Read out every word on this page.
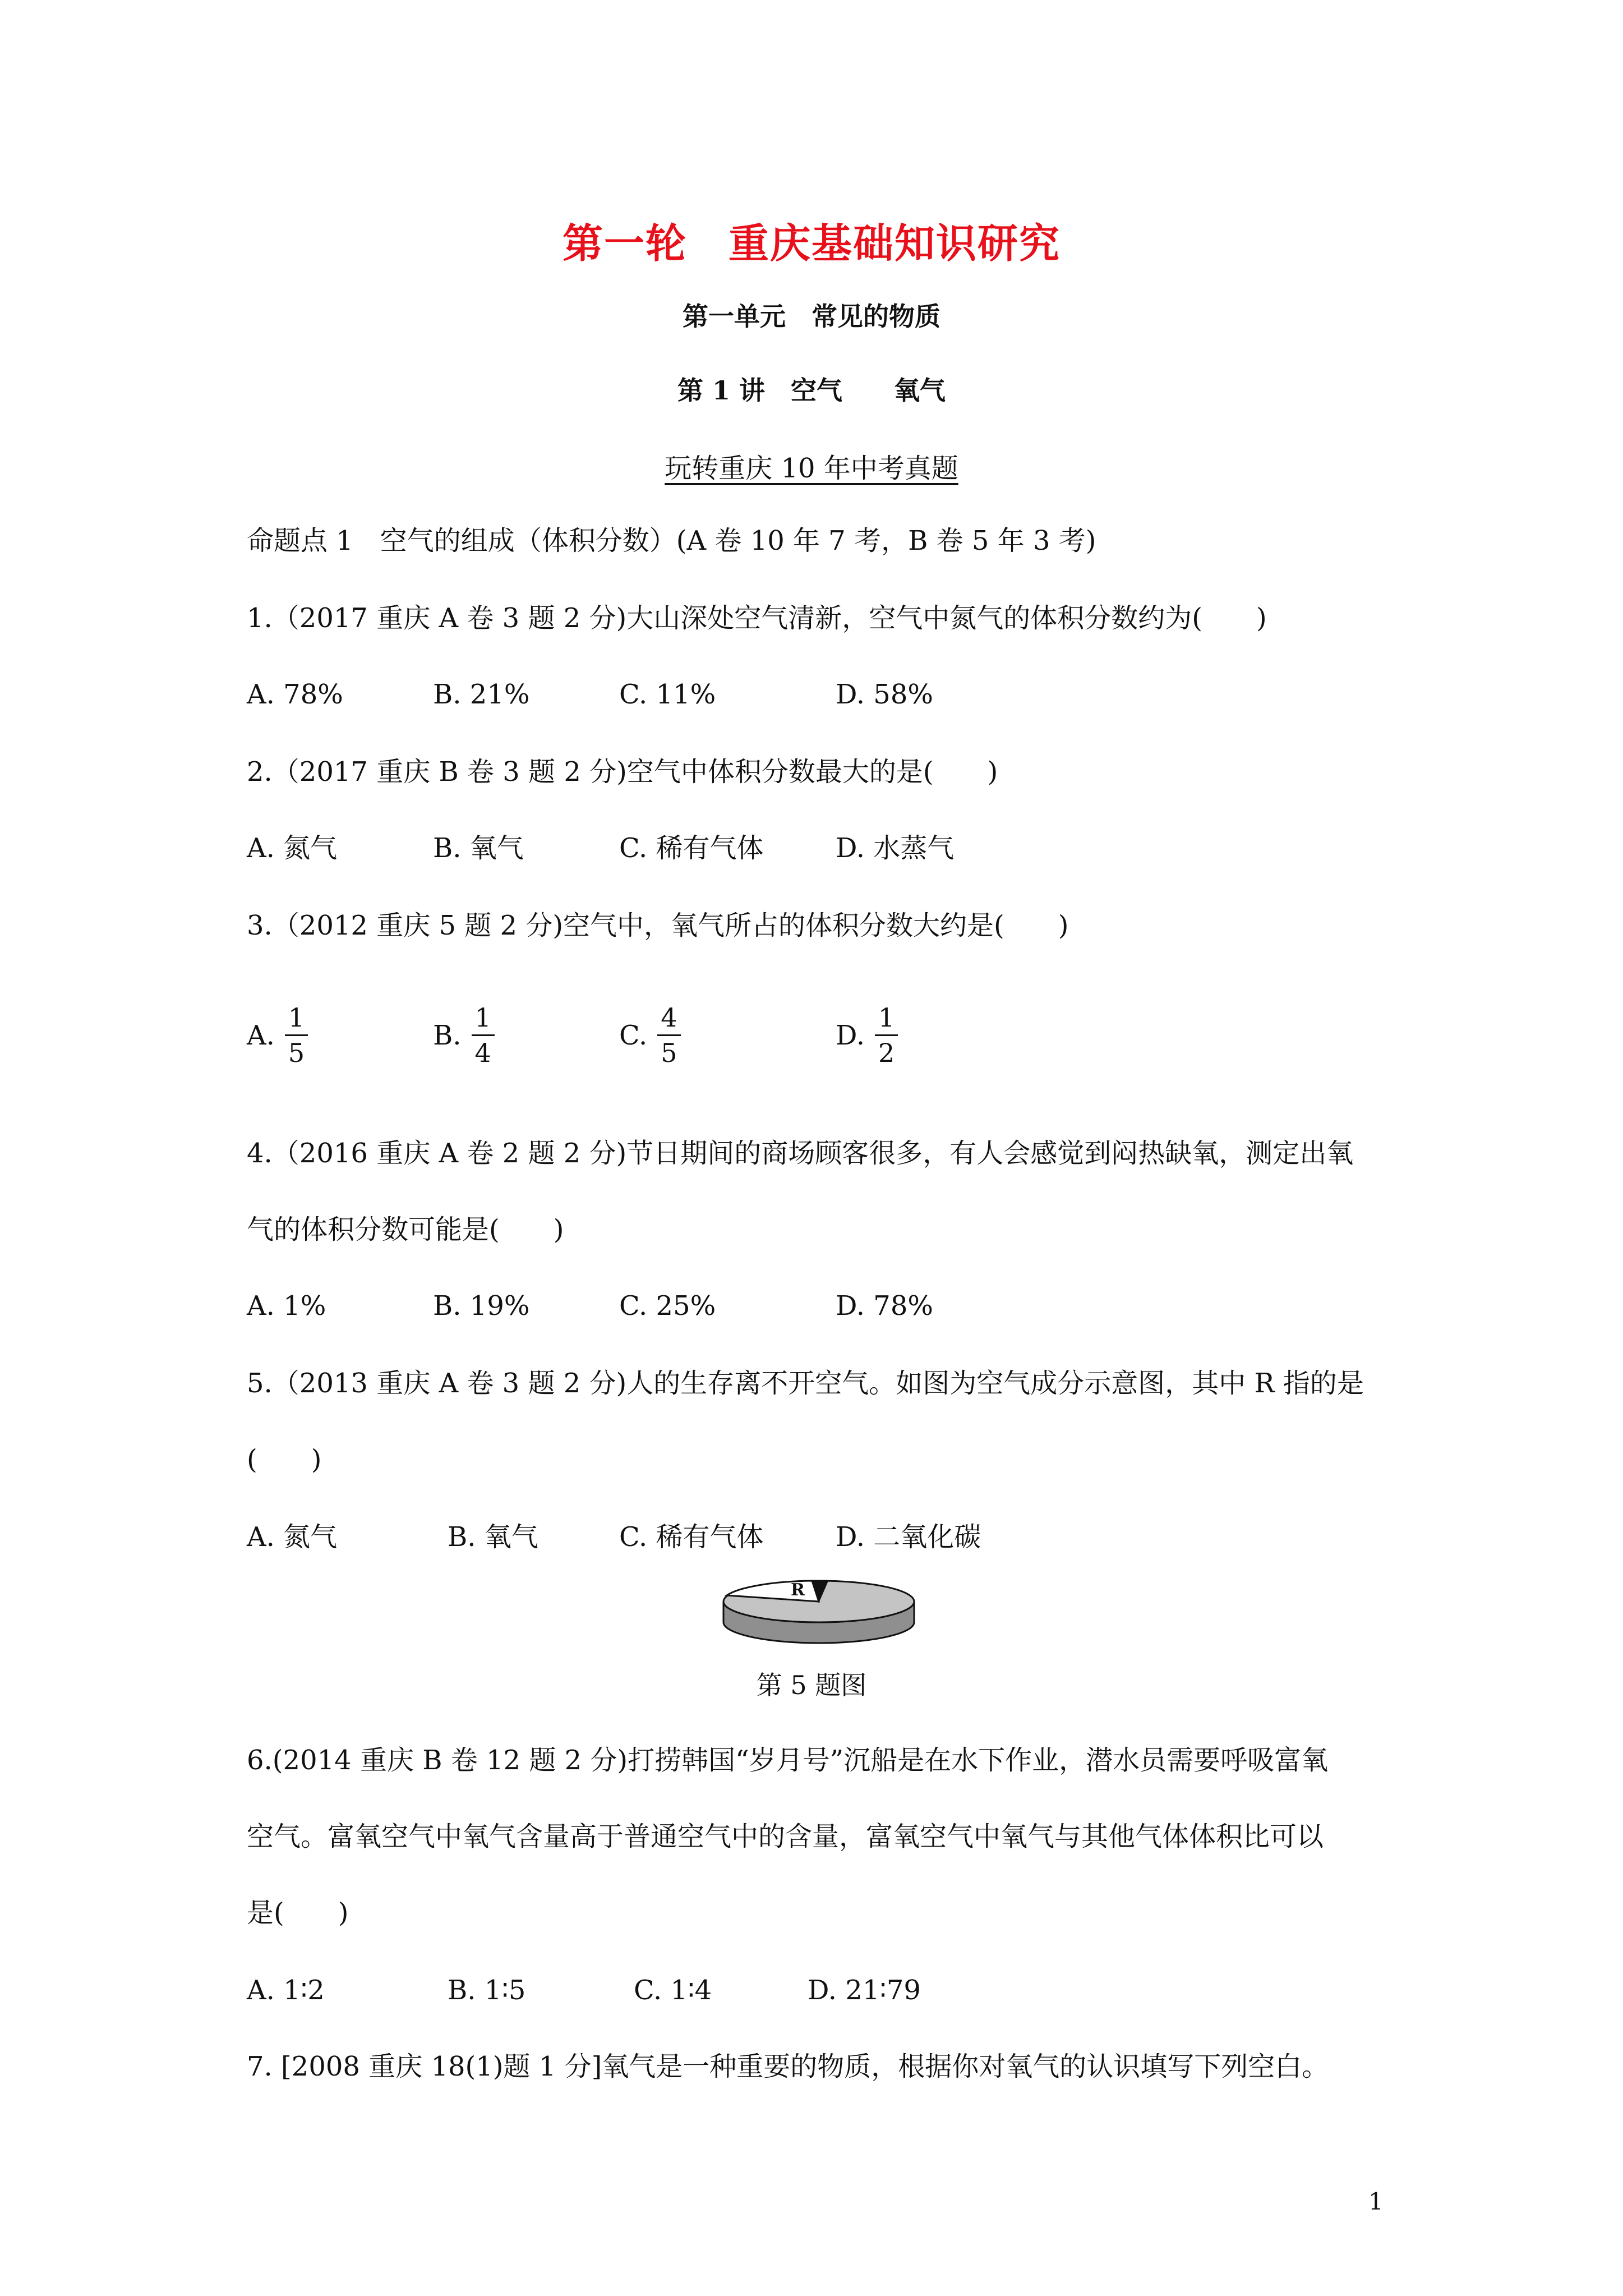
第一轮　重庆基础知识研究
第一单元　常见的物质
第 1 讲　空气　　氧气
玩转重庆 10 年中考真题
命题点 1　空气的组成（体积分数）(A 卷 10 年 7 考，B 卷 5 年 3 考)
1.（2017 重庆 A 卷 3 题 2 分)大山深处空气清新，空气中氮气的体积分数约为(　　)
A. 78%	B. 21%	C. 11%	D. 58%
2.（2017 重庆 B 卷 3 题 2 分)空气中体积分数最大的是(　　)
A. 氮气	B. 氧气	C. 稀有气体	D. 水蒸气
3.（2012 重庆 5 题 2 分)空气中，氧气所占的体积分数大约是(　　)
A. $\frac{1}{5}$	B. $\frac{1}{4}$	C. $\frac{4}{5}$	D. $\frac{1}{2}$
4.（2016 重庆 A 卷 2 题 2 分)节日期间的商场顾客很多，有人会感觉到闷热缺氧，测定出氧
气的体积分数可能是(　　)
A. 1%	B. 19%	C. 25%	D. 78%
5.（2013 重庆 A 卷 3 题 2 分)人的生存离不开空气。如图为空气成分示意图，其中 R 指的是
(　　)
A. 氮气	B. 氧气	C. 稀有气体	D. 二氧化碳
R
第 5 题图
6.(2014 重庆 B 卷 12 题 2 分)打捞韩国“岁月号”沉船是在水下作业，潜水员需要呼吸富氧
空气。富氧空气中氧气含量高于普通空气中的含量，富氧空气中氧气与其他气体体积比可以
是(　　)
A. 1∶2	B. 1∶5	C. 1∶4	D. 21∶79
7. [2008 重庆 18(1)题 1 分]氧气是一种重要的物质，根据你对氧气的认识填写下列空白。
1
